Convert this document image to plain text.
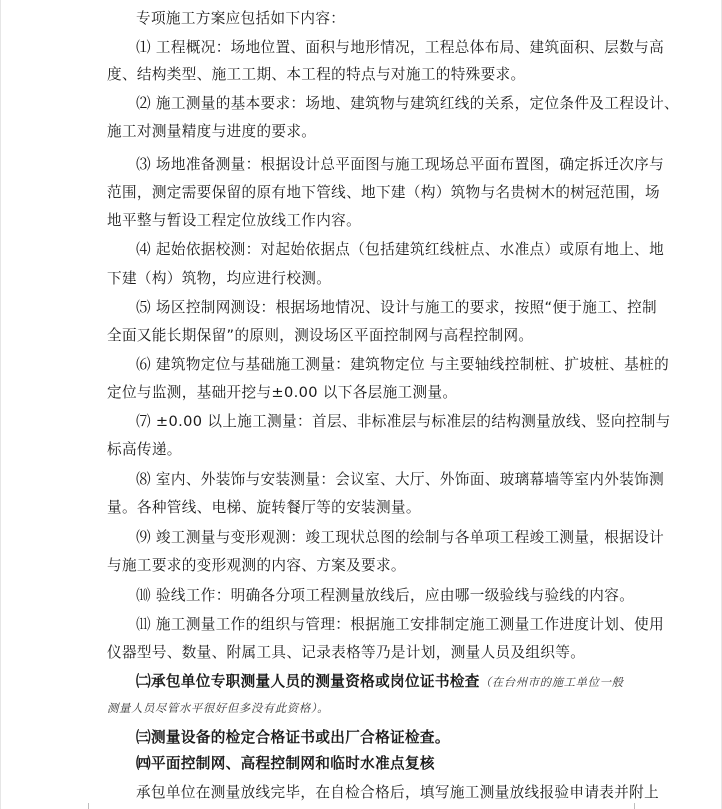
专项施工方案应包括如下内容：
⑴ 工程概况：场地位置、面积与地形情况，工程总体布局、建筑面积、层数与高
度、结构类型、施工工期、本工程的特点与对施工的特殊要求。
⑵ 施工测量的基本要求：场地、建筑物与建筑红线的关系，定位条件及工程设计、
施工对测量精度与进度的要求。
⑶ 场地准备测量：根据设计总平面图与施工现场总平面布置图，确定拆迁次序与
范围，测定需要保留的原有地下管线、地下建（构）筑物与名贵树木的树冠范围，场
地平整与暂设工程定位放线工作内容。
⑷ 起始依据校测：对起始依据点（包括建筑红线桩点、水准点）或原有地上、地
下建（构）筑物，均应进行校测。
⑸ 场区控制网测设：根据场地情况、设计与施工的要求，按照“便于施工、控制
全面又能长期保留”的原则，测设场区平面控制网与高程控制网。
⑹ 建筑物定位与基础施工测量：建筑物定位 与主要轴线控制桩、扩坡桩、基桩的
定位与监测，基础开挖与±0.00 以下各层施工测量。
⑺ ±0.00 以上施工测量：首层、非标准层与标准层的结构测量放线、竖向控制与
标高传递。
⑻ 室内、外装饰与安装测量：会议室、大厅、外饰面、玻璃幕墙等室内外装饰测
量。各种管线、电梯、旋转餐厅等的安装测量。
⑼ 竣工测量与变形观测：竣工现状总图的绘制与各单项工程竣工测量，根据设计
与施工要求的变形观测的内容、方案及要求。
⑽ 验线工作：明确各分项工程测量放线后，应由哪一级验线与验线的内容。
⑾ 施工测量工作的组织与管理：根据施工安排制定施工测量工作进度计划、使用
仪器型号、数量、附属工具、记录表格等乃是计划，测量人员及组织等。
㈡承包单位专职测量人员的测量资格或岗位证书检查（在台州市的施工单位一般
测量人员尽管水平很好但多没有此资格）。
㈢测量设备的检定合格证书或出厂合格证检查。
㈣平面控制网、高程控制网和临时水准点复核
承包单位在测量放线完毕，在自检合格后，填写施工测量放线报验申请表并附上
